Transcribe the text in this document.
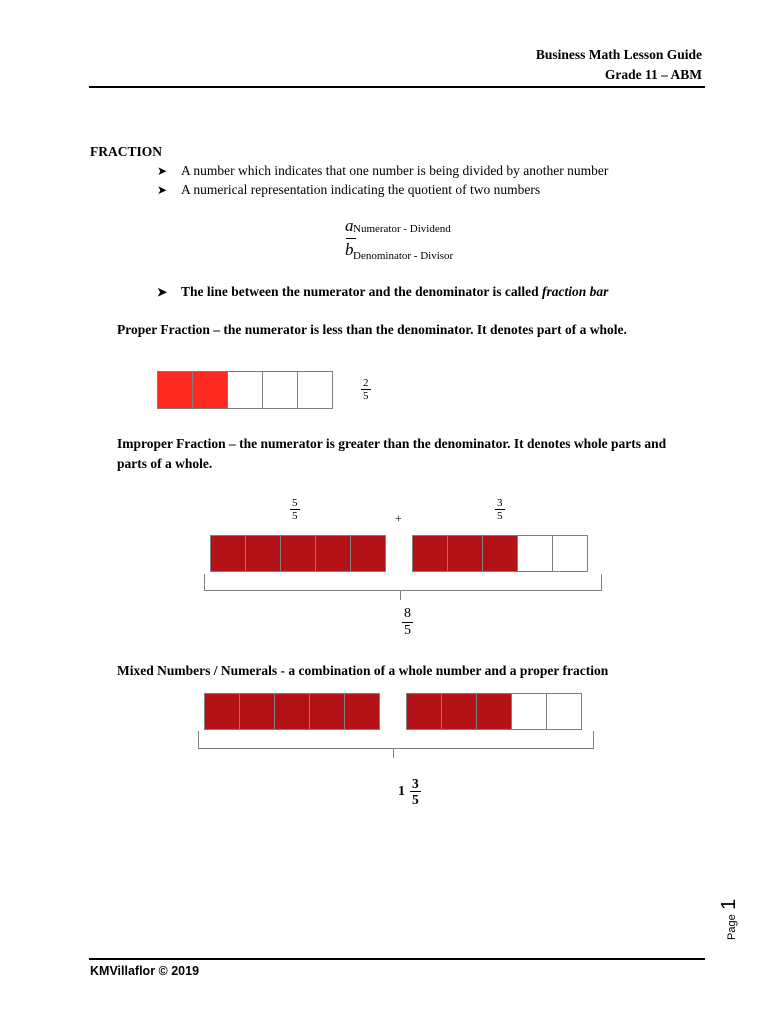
Business Math Lesson Guide
Grade 11 – ABM
FRACTION
➤ A number which indicates that one number is being divided by another number
➤ A numerical representation indicating the quotient of two numbers
a Numerator - Dividend
b Denominator - Divisor
➤ The line between the numerator and the denominator is called fraction bar
Proper Fraction – the numerator is less than the denominator. It denotes part of a whole.
$\frac{2}{5}$
Improper Fraction – the numerator is greater than the denominator. It denotes whole parts and
parts of a whole.
$\frac{5}{5}$	+	$\frac{3}{5}$
$\frac{8}{5}$
Mixed Numbers / Numerals - a combination of a whole number and a proper fraction
$1 \frac{3}{5}$
Page 1
KMVillaflor © 2019
